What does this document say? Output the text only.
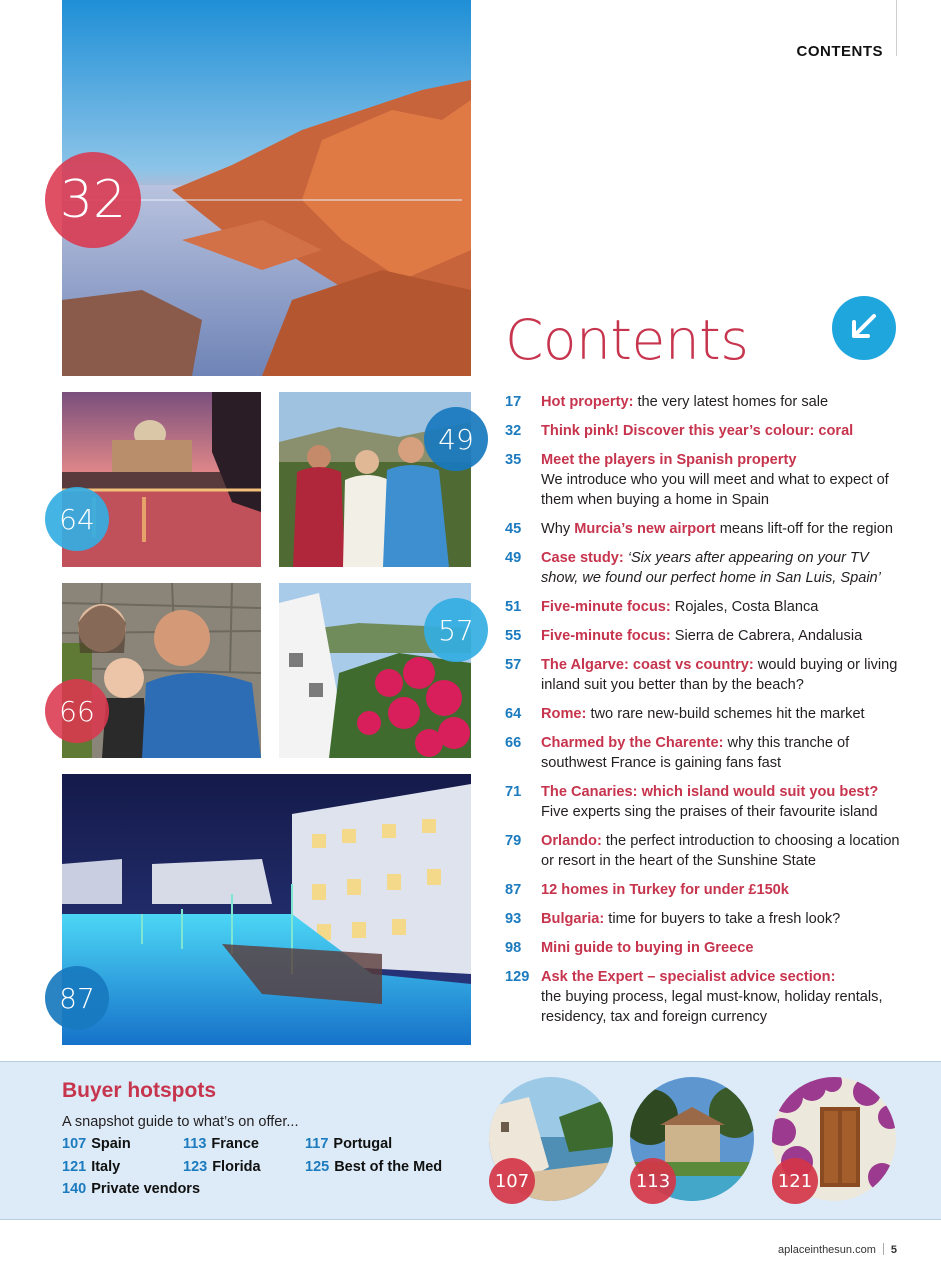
CONTENTS
32
64
49
66
57
87
Contents
17 Hot property: the very latest homes for sale
32 Think pink! Discover this year’s colour: coral
35 Meet the players in Spanish property
We introduce who you will meet and what to expect of them when buying a home in Spain
45 Why Murcia’s new airport means lift-off for the region
49 Case study: ‘Six years after appearing on your TV show, we found our perfect home in San Luis, Spain’
51 Five-minute focus: Rojales, Costa Blanca
55 Five-minute focus: Sierra de Cabrera, Andalusia
57 The Algarve: coast vs country: would buying or living inland suit you better than by the beach?
64 Rome: two rare new-build schemes hit the market
66 Charmed by the Charente: why this tranche of southwest France is gaining fans fast
71 The Canaries: which island would suit you best?
Five experts sing the praises of their favourite island
79 Orlando: the perfect introduction to choosing a location or resort in the heart of the Sunshine State
87 12 homes in Turkey for under £150k
93 Bulgaria: time for buyers to take a fresh look?
98 Mini guide to buying in Greece
129 Ask the Expert – specialist advice section:
the buying process, legal must-know, holiday rentals, residency, tax and foreign currency
Buyer hotspots
A snapshot guide to what’s on offer...
107 Spain	113 France	117 Portugal
121 Italy	123 Florida	125 Best of the Med
140 Private vendors	107	113	121
aplaceinthesun.com 5
